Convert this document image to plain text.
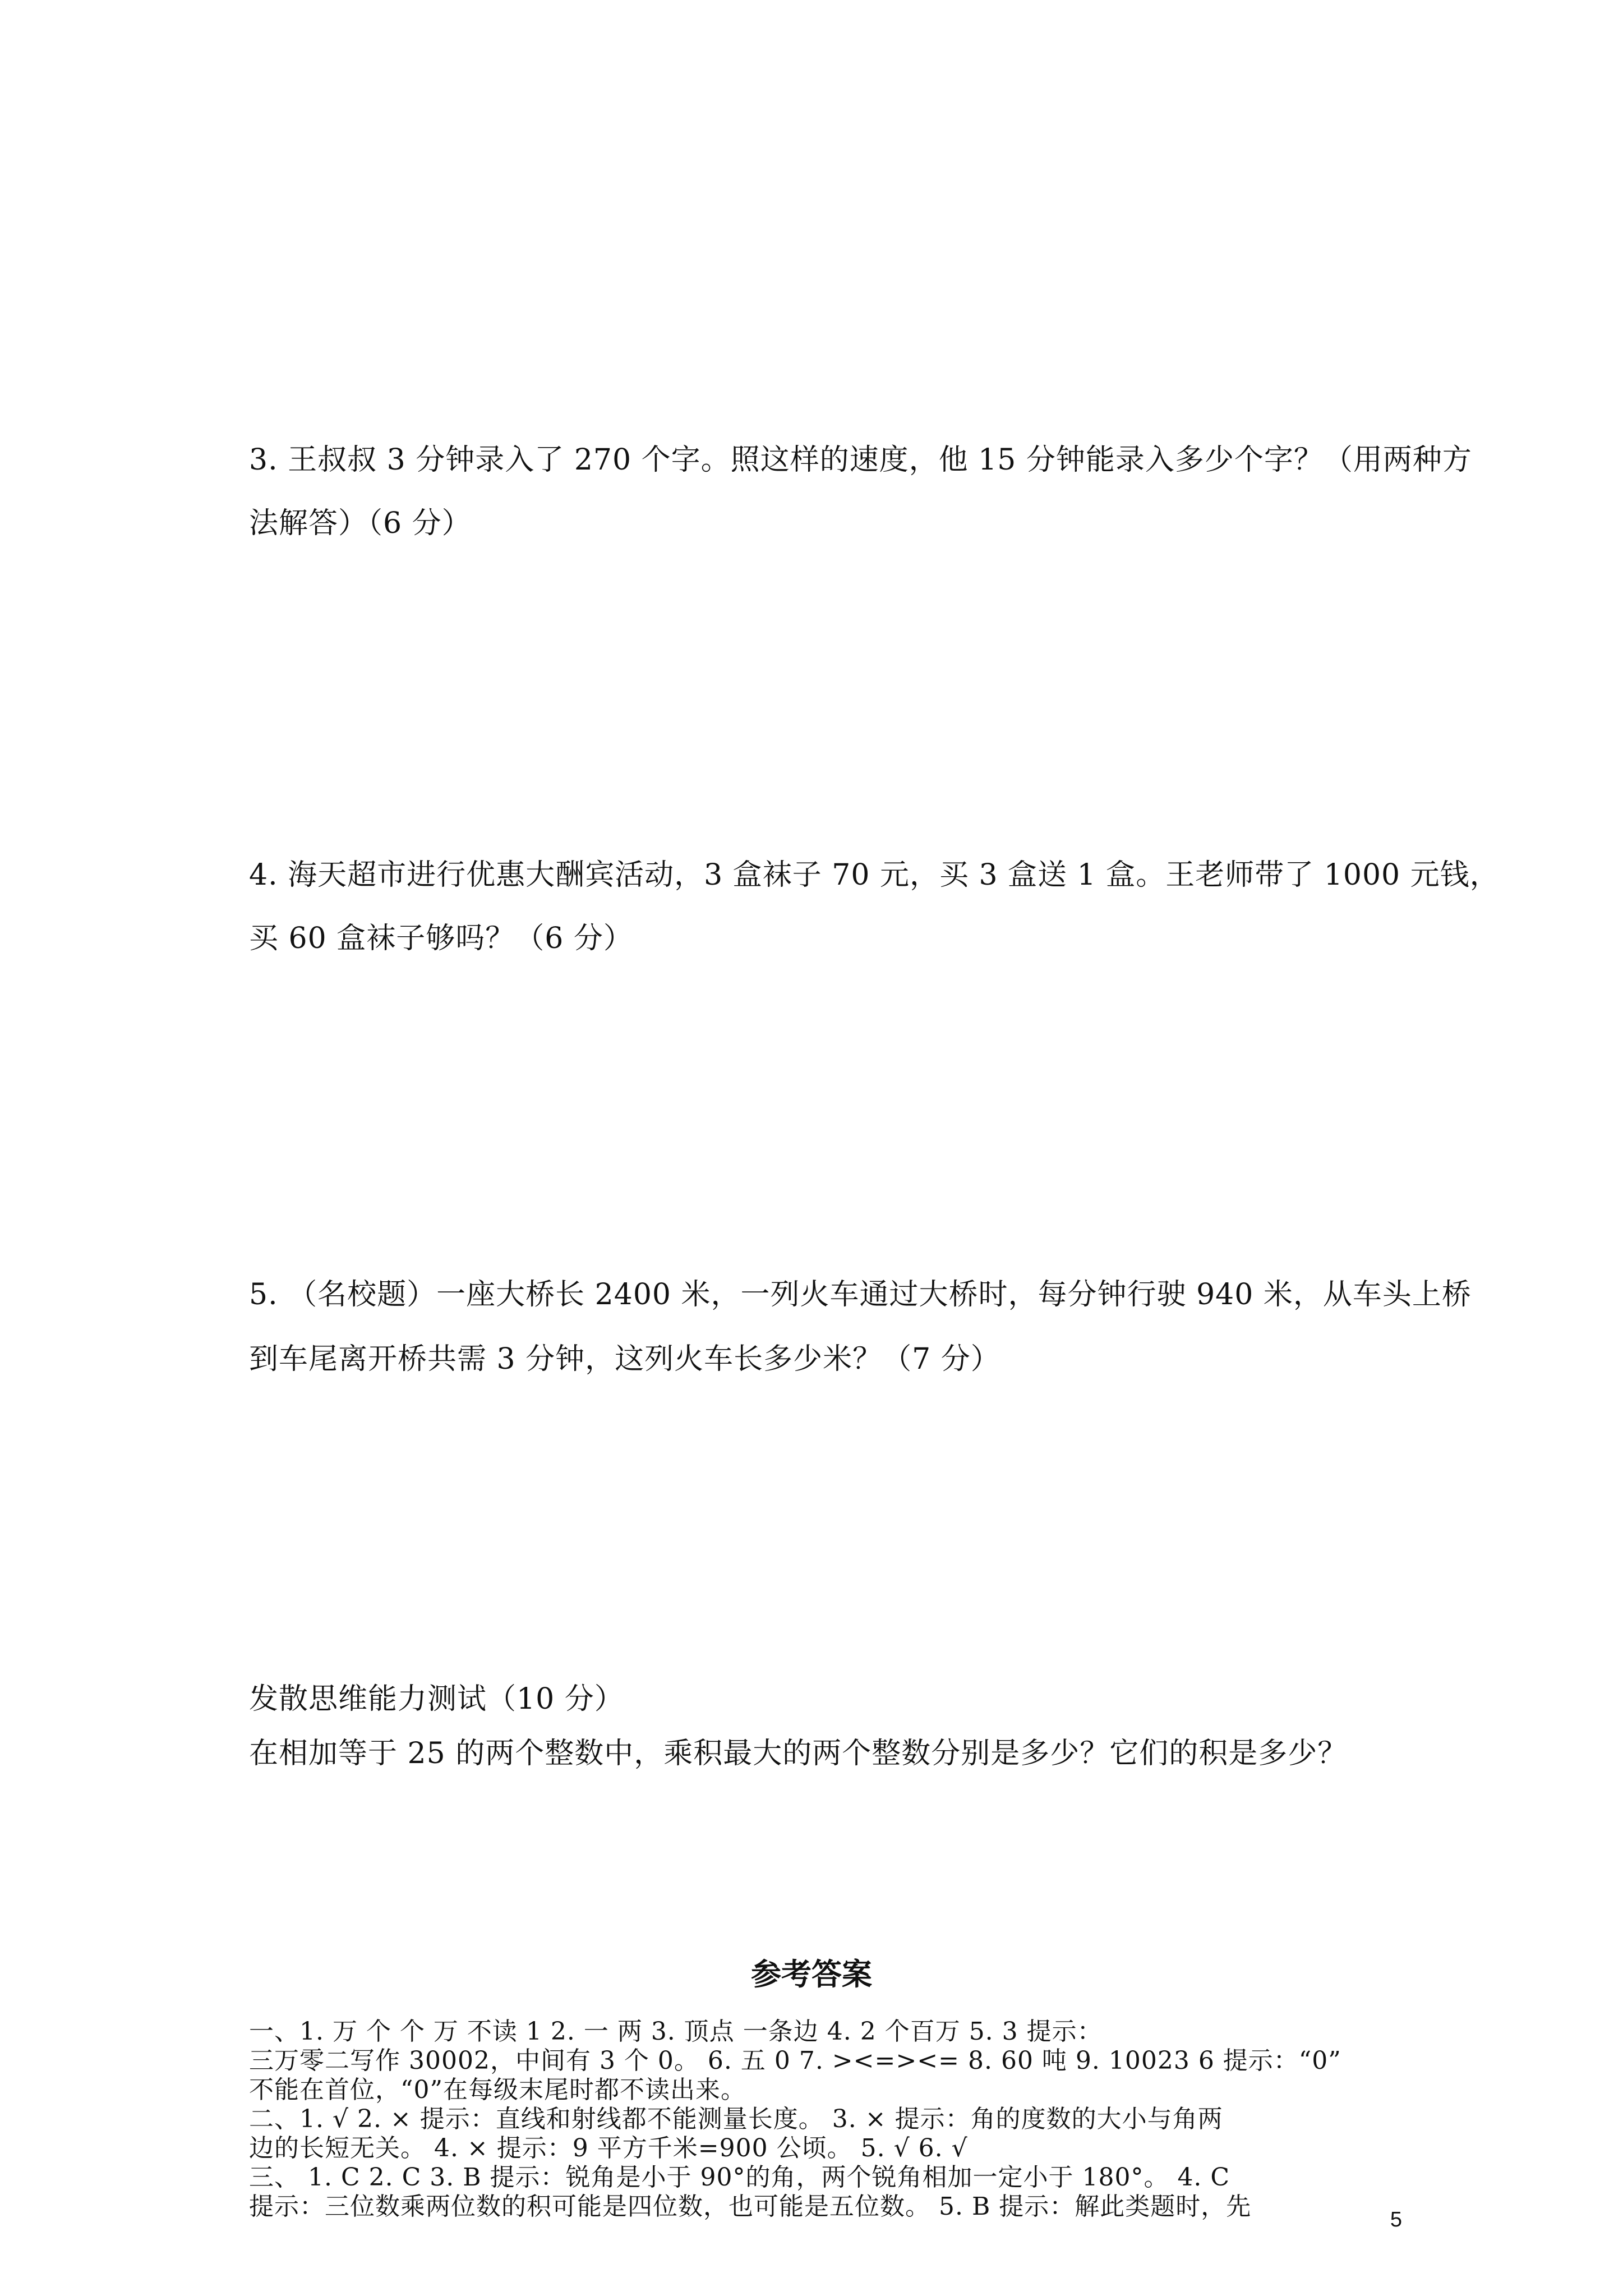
3. 王叔叔 3 分钟录入了 270 个字。照这样的速度，他 15 分钟能录入多少个字？（用两种方
法解答）（6 分）
4. 海天超市进行优惠大酬宾活动，3 盒袜子 70 元，买 3 盒送 1 盒。王老师带了 1000 元钱，
买 60 盒袜子够吗？（6 分）
5. （名校题）一座大桥长 2400 米，一列火车通过大桥时，每分钟行驶 940 米，从车头上桥
到车尾离开桥共需 3 分钟，这列火车长多少米？（7 分）
发散思维能力测试（10 分）
在相加等于 25 的两个整数中，乘积最大的两个整数分别是多少？它们的积是多少？
参考答案
5
一、1. 万 个 个 万 不读 1 2. 一 两 3. 顶点 一条边 4. 2 个百万 5. 3 提示：
三万零二写作 30002，中间有 3 个 0。 6. 五 0 7. ><=><= 8. 60 吨 9. 10023 6 提示：“0”
不能在首位，“0”在每级末尾时都不读出来。
二、1. √ 2. × 提示：直线和射线都不能测量长度。 3. × 提示：角的度数的大小与角两
边的长短无关。 4. × 提示：9 平方千米=900 公顷。 5. √ 6. √
三、 1. C 2. C 3. B 提示：锐角是小于 90°的角，两个锐角相加一定小于 180°。 4. C
提示：三位数乘两位数的积可能是四位数，也可能是五位数。 5. B 提示：解此类题时，先
